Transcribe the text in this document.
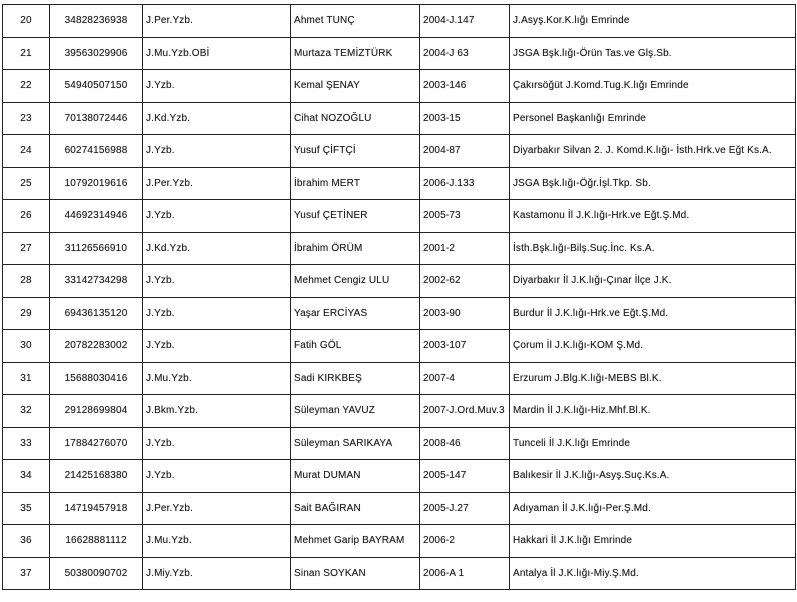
20	34828236938	J.Per.Yzb.	Ahmet TUNÇ	2004-J.147	J.Asyş.Kor.K.lığı Emrinde
21	39563029906	J.Mu.Yzb.OBİ	Murtaza TEMİZTÜRK	2004-J 63	JSGA Bşk.lığı-Örün Tas.ve Glş.Sb.
22	54940507150	J.Yzb.	Kemal ŞENAY	2003-146	Çakırsöğüt J.Komd.Tug.K.lığı Emrinde
23	70138072446	J.Kd.Yzb.	Cihat NOZOĞLU	2003-15	Personel Başkanlığı Emrinde
24	60274156988	J.Yzb.	Yusuf ÇİFTÇİ	2004-87	Diyarbakır Silvan 2. J. Komd.K.lığı- İsth.Hrk.ve Eğt Ks.A.
25	10792019616	J.Per.Yzb.	İbrahim MERT	2006-J.133	JSGA Bşk.lığı-Öğr.İşl.Tkp. Sb.
26	44692314946	J.Yzb.	Yusuf ÇETİNER	2005-73	Kastamonu İl J.K.lığı-Hrk.ve Eğt.Ş.Md.
27	31126566910	J.Kd.Yzb.	İbrahim ÖRÜM	2001-2	İsth.Bşk.lığı-Bilş.Suç.İnc. Ks.A.
28	33142734298	J.Yzb.	Mehmet Cengiz ULU	2002-62	Diyarbakır İl J.K.lığı-Çınar İlçe J.K.
29	69436135120	J.Yzb.	Yaşar ERCİYAS	2003-90	Burdur İl J.K.lığı-Hrk.ve Eğt.Ş.Md.
30	20782283002	J.Yzb.	Fatih GÖL	2003-107	Çorum İl J.K.lığı-KOM Ş.Md.
31	15688030416	J.Mu.Yzb.	Sadi KIRKBEŞ	2007-4	Erzurum J.Blg.K.lığı-MEBS Bl.K.
32	29128699804	J.Bkm.Yzb.	Süleyman YAVUZ	2007-J.Ord.Muv.3	Mardin İl J.K.lığı-Hiz.Mhf.Bl.K.
33	17884276070	J.Yzb.	Süleyman SARIKAYA	2008-46	Tunceli İl J.K.lığı Emrinde
34	21425168380	J.Yzb.	Murat DUMAN	2005-147	Balıkesir İl J.K.lığı-Asyş.Suç.Ks.A.
35	14719457918	J.Per.Yzb.	Sait BAĞIRAN	2005-J.27	Adıyaman İl J.K.lığı-Per.Ş.Md.
36	16628881112	J.Mu.Yzb.	Mehmet Garip BAYRAM	2006-2	Hakkari İl J.K.lığı Emrinde
37	50380090702	J.Miy.Yzb.	Sinan SOYKAN	2006-A 1	Antalya İl J.K.lığı-Miy.Ş.Md.
